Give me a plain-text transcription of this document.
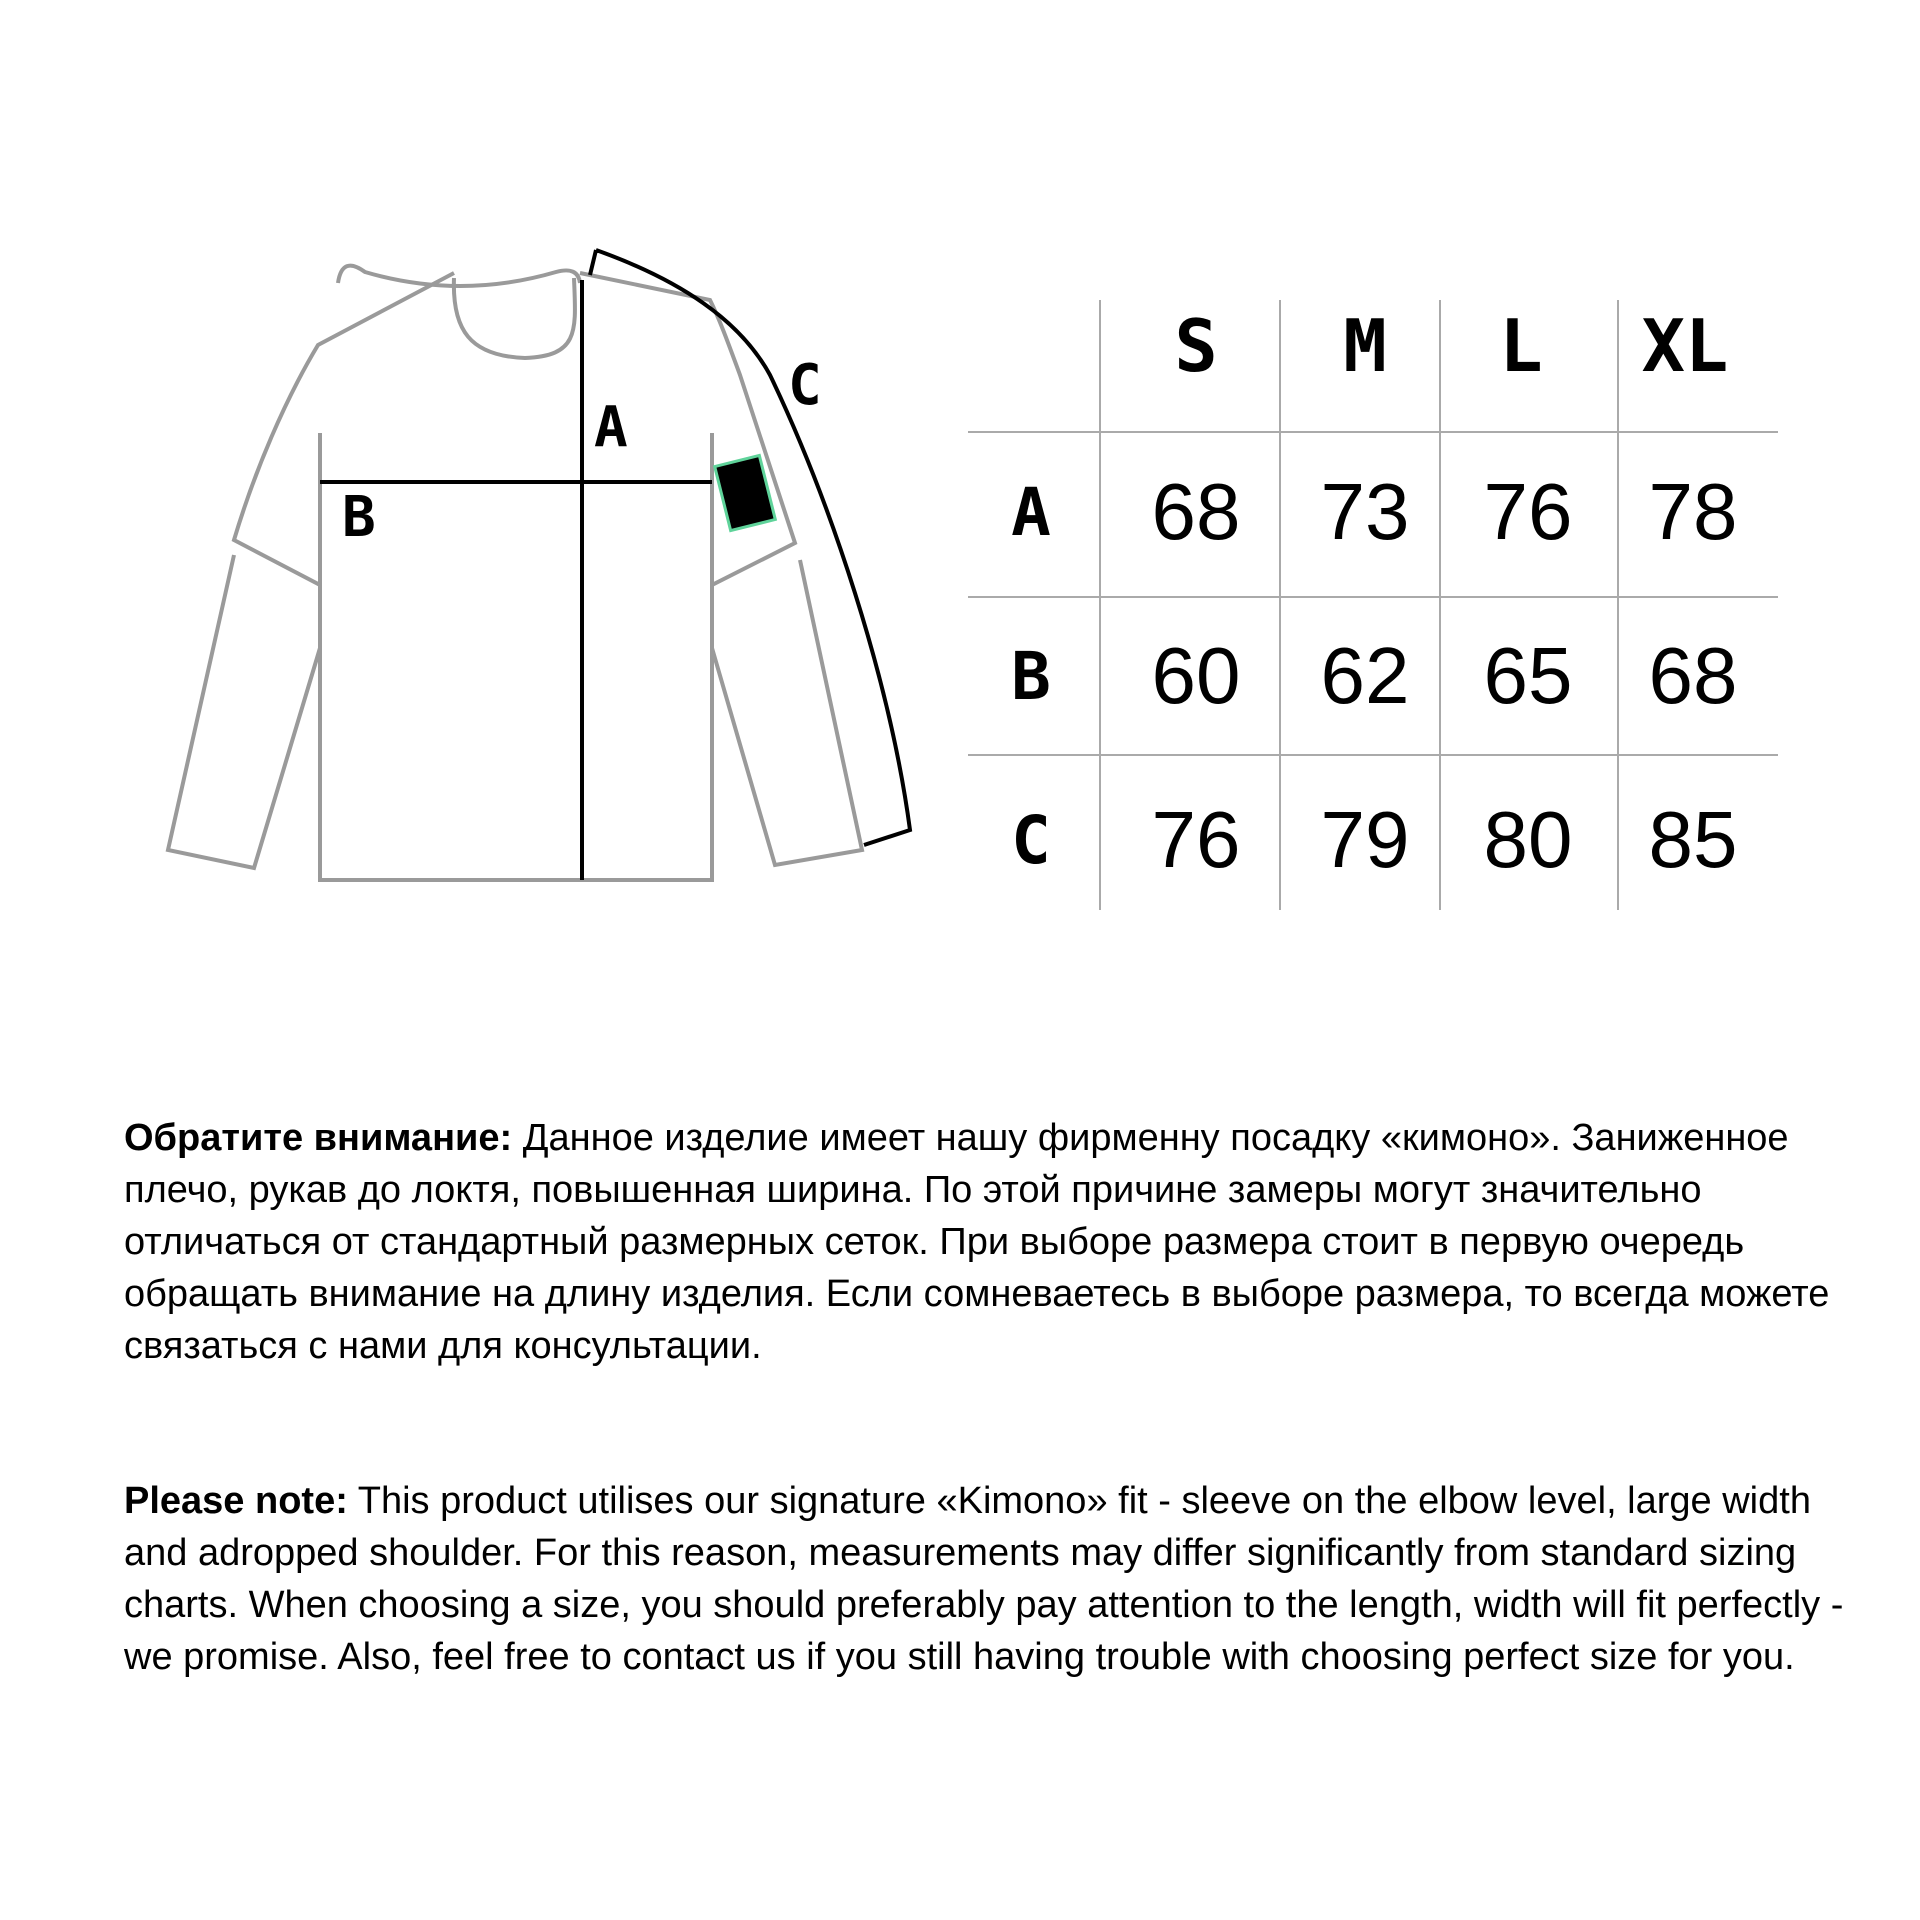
A
B
C	S	M	L	XL
A	68	73 76 78
B	60	62 65 68
C	76	79 80 85

Обратите внимание: Данное изделие имеет нашу фирменну посадку «кимоно». Заниженное плечо, рукав до локтя, повышенная ширина. По этой причине замеры могут значительно отличаться от стандартный размерных сеток. При выборе размера стоит в первую очередь обращать внимание на длину изделия. Если сомневаетесь в выборе размера, то всегда можете связаться с нами для консультации.

Please note: This product utilises our signature «Kimono» fit - sleeve on the elbow level, large width and adropped shoulder. For this reason, measurements may differ significantly from standard sizing charts. When choosing a size, you should preferably pay attention to the length, width will fit perfectly - we promise. Also, feel free to contact us if you still having trouble with choosing perfect size for you.
